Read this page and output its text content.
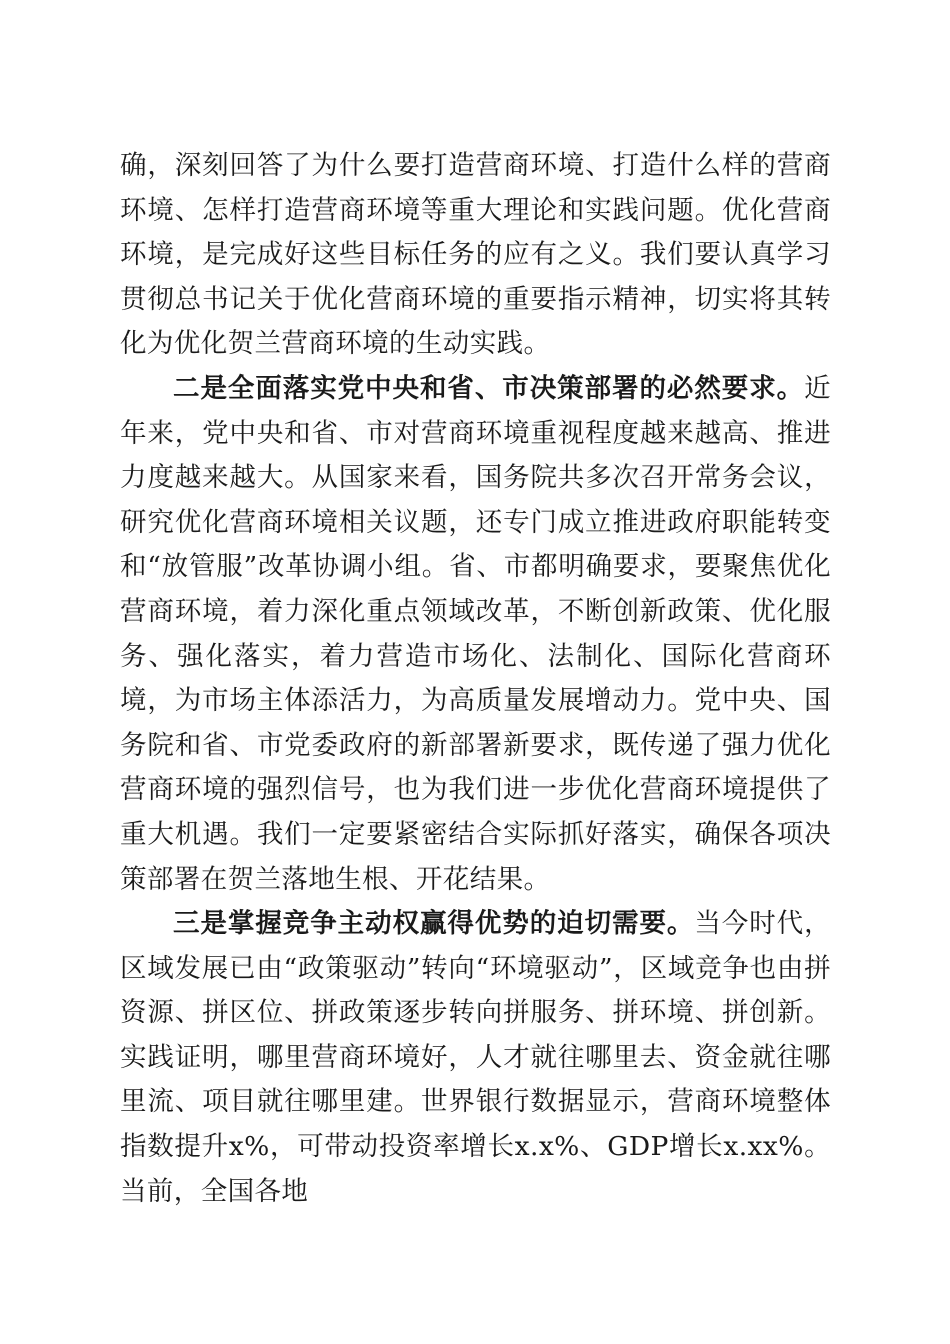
确，深刻回答了为什么要打造营商环境、打造什么样的营商环境、怎样打造营商环境等重大理论和实践问题。优化营商环境，是完成好这些目标任务的应有之义。我们要认真学习贯彻总书记关于优化营商环境的重要指示精神，切实将其转化为优化贺兰营商环境的生动实践。

二是全面落实党中央和省、市决策部署的必然要求。近年来，党中央和省、市对营商环境重视程度越来越高、推进力度越来越大。从国家来看，国务院共多次召开常务会议，研究优化营商环境相关议题，还专门成立推进政府职能转变和“放管服”改革协调小组。省、市都明确要求，要聚焦优化营商环境，着力深化重点领域改革，不断创新政策、优化服务、强化落实，着力营造市场化、法制化、国际化营商环境，为市场主体添活力，为高质量发展增动力。党中央、国务院和省、市党委政府的新部署新要求，既传递了强力优化营商环境的强烈信号，也为我们进一步优化营商环境提供了重大机遇。我们一定要紧密结合实际抓好落实，确保各项决策部署在贺兰落地生根、开花结果。

三是掌握竞争主动权赢得优势的迫切需要。当今时代，区域发展已由“政策驱动”转向“环境驱动”，区域竞争也由拼资源、拼区位、拼政策逐步转向拼服务、拼环境、拼创新。实践证明，哪里营商环境好，人才就往哪里去、资金就往哪里流、项目就往哪里建。世界银行数据显示，营商环境整体指数提升x%，可带动投资率增长x.x%、GDP增长x.xx%。当前，全国各地
